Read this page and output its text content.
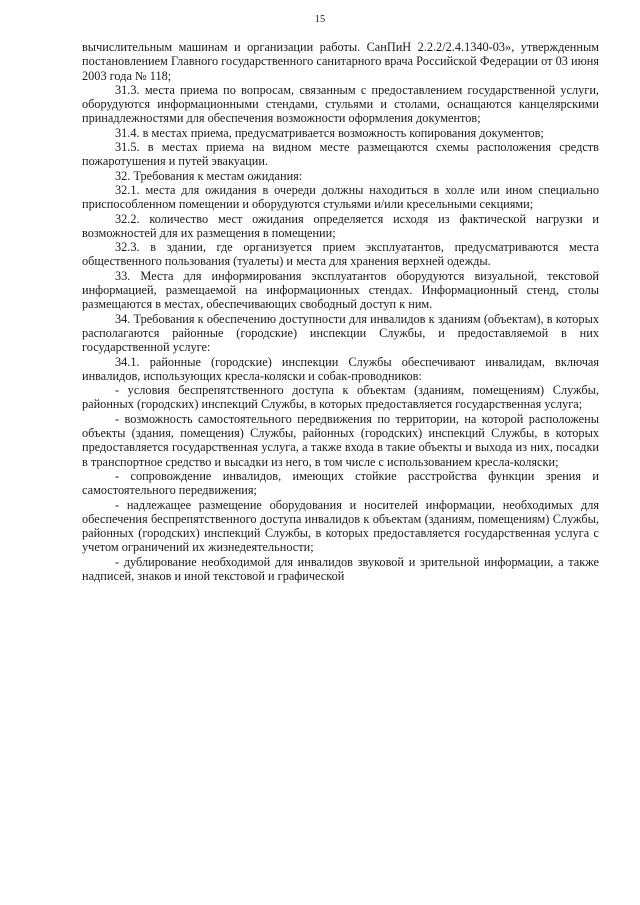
15

вычислительным машинам и организации работы. СанПиН 2.2.2/2.4.1340-03», утвержденным постановлением Главного государственного санитарного врача Российской Федерации от 03 июня 2003 года № 118;

31.3. места приема по вопросам, связанным с предоставлением государственной услуги, оборудуются информационными стендами, стульями и столами, оснащаются канцелярскими принадлежностями для обеспечения возможности оформления документов;

31.4. в местах приема, предусматривается возможность копирования документов;

31.5. в местах приема на видном месте размещаются схемы расположения средств пожаротушения и путей эвакуации.

32. Требования к местам ожидания:

32.1. места для ожидания в очереди должны находиться в холле или ином специально приспособленном помещении и оборудуются стульями и/или кресельными секциями;

32.2. количество мест ожидания определяется исходя из фактической нагрузки и возможностей для их размещения в помещении;

32.3. в здании, где организуется прием эксплуатантов, предусматриваются места общественного пользования (туалеты) и места для хранения верхней одежды.

33. Места для информирования эксплуатантов оборудуются визуальной, текстовой информацией, размещаемой на информационных стендах. Информационный стенд, столы размещаются в местах, обеспечивающих свободный доступ к ним.

34. Требования к обеспечению доступности для инвалидов к зданиям (объектам), в которых располагаются районные (городские) инспекции Службы, и предоставляемой в них государственной услуге:

34.1. районные (городские) инспекции Службы обеспечивают инвалидам, включая инвалидов, использующих кресла-коляски и собак-проводников:

- условия беспрепятственного доступа к объектам (зданиям, помещениям) Службы, районных (городских) инспекций Службы, в которых предоставляется государственная услуга;

- возможность самостоятельного передвижения по территории, на которой расположены объекты (здания, помещения) Службы, районных (городских) инспекций Службы, в которых предоставляется государственная услуга, а также входа в такие объекты и выхода из них, посадки в транспортное средство и высадки из него, в том числе с использованием кресла-коляски;

- сопровождение инвалидов, имеющих стойкие расстройства функции зрения и самостоятельного передвижения;

- надлежащее размещение оборудования и носителей информации, необходимых для обеспечения беспрепятственного доступа инвалидов к объектам (зданиям, помещениям) Службы, районных (городских) инспекций Службы, в которых предоставляется государственная услуга с учетом ограничений их жизнедеятельности;

- дублирование необходимой для инвалидов звуковой и зрительной информации, а также надписей, знаков и иной текстовой и графической
